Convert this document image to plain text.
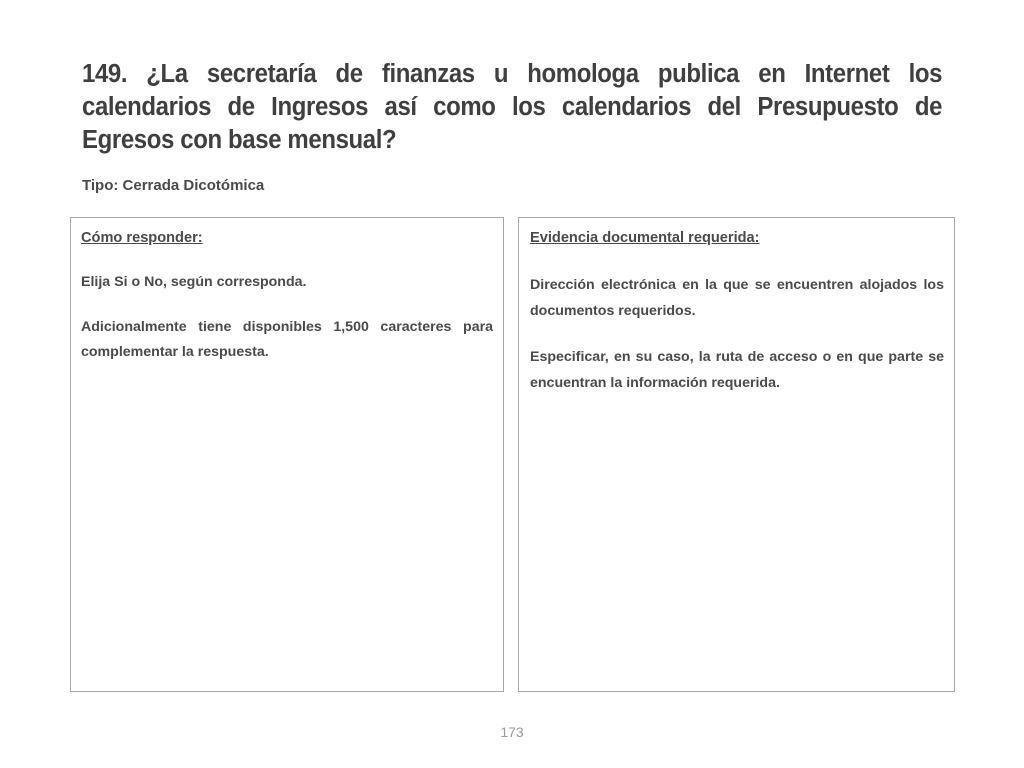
149. ¿La secretaría de finanzas u homologa publica en Internet los calendarios de Ingresos así como los calendarios del Presupuesto de Egresos con base mensual?

Tipo: Cerrada Dicotómica

Cómo responder:

Elija Si o No, según corresponda.

Adicionalmente tiene disponibles 1,500 caracteres para complementar la respuesta.

Evidencia documental requerida:

Dirección electrónica en la que se encuentren alojados los documentos requeridos.

Especificar, en su caso, la ruta de acceso o en que parte se encuentran la información requerida.

173
